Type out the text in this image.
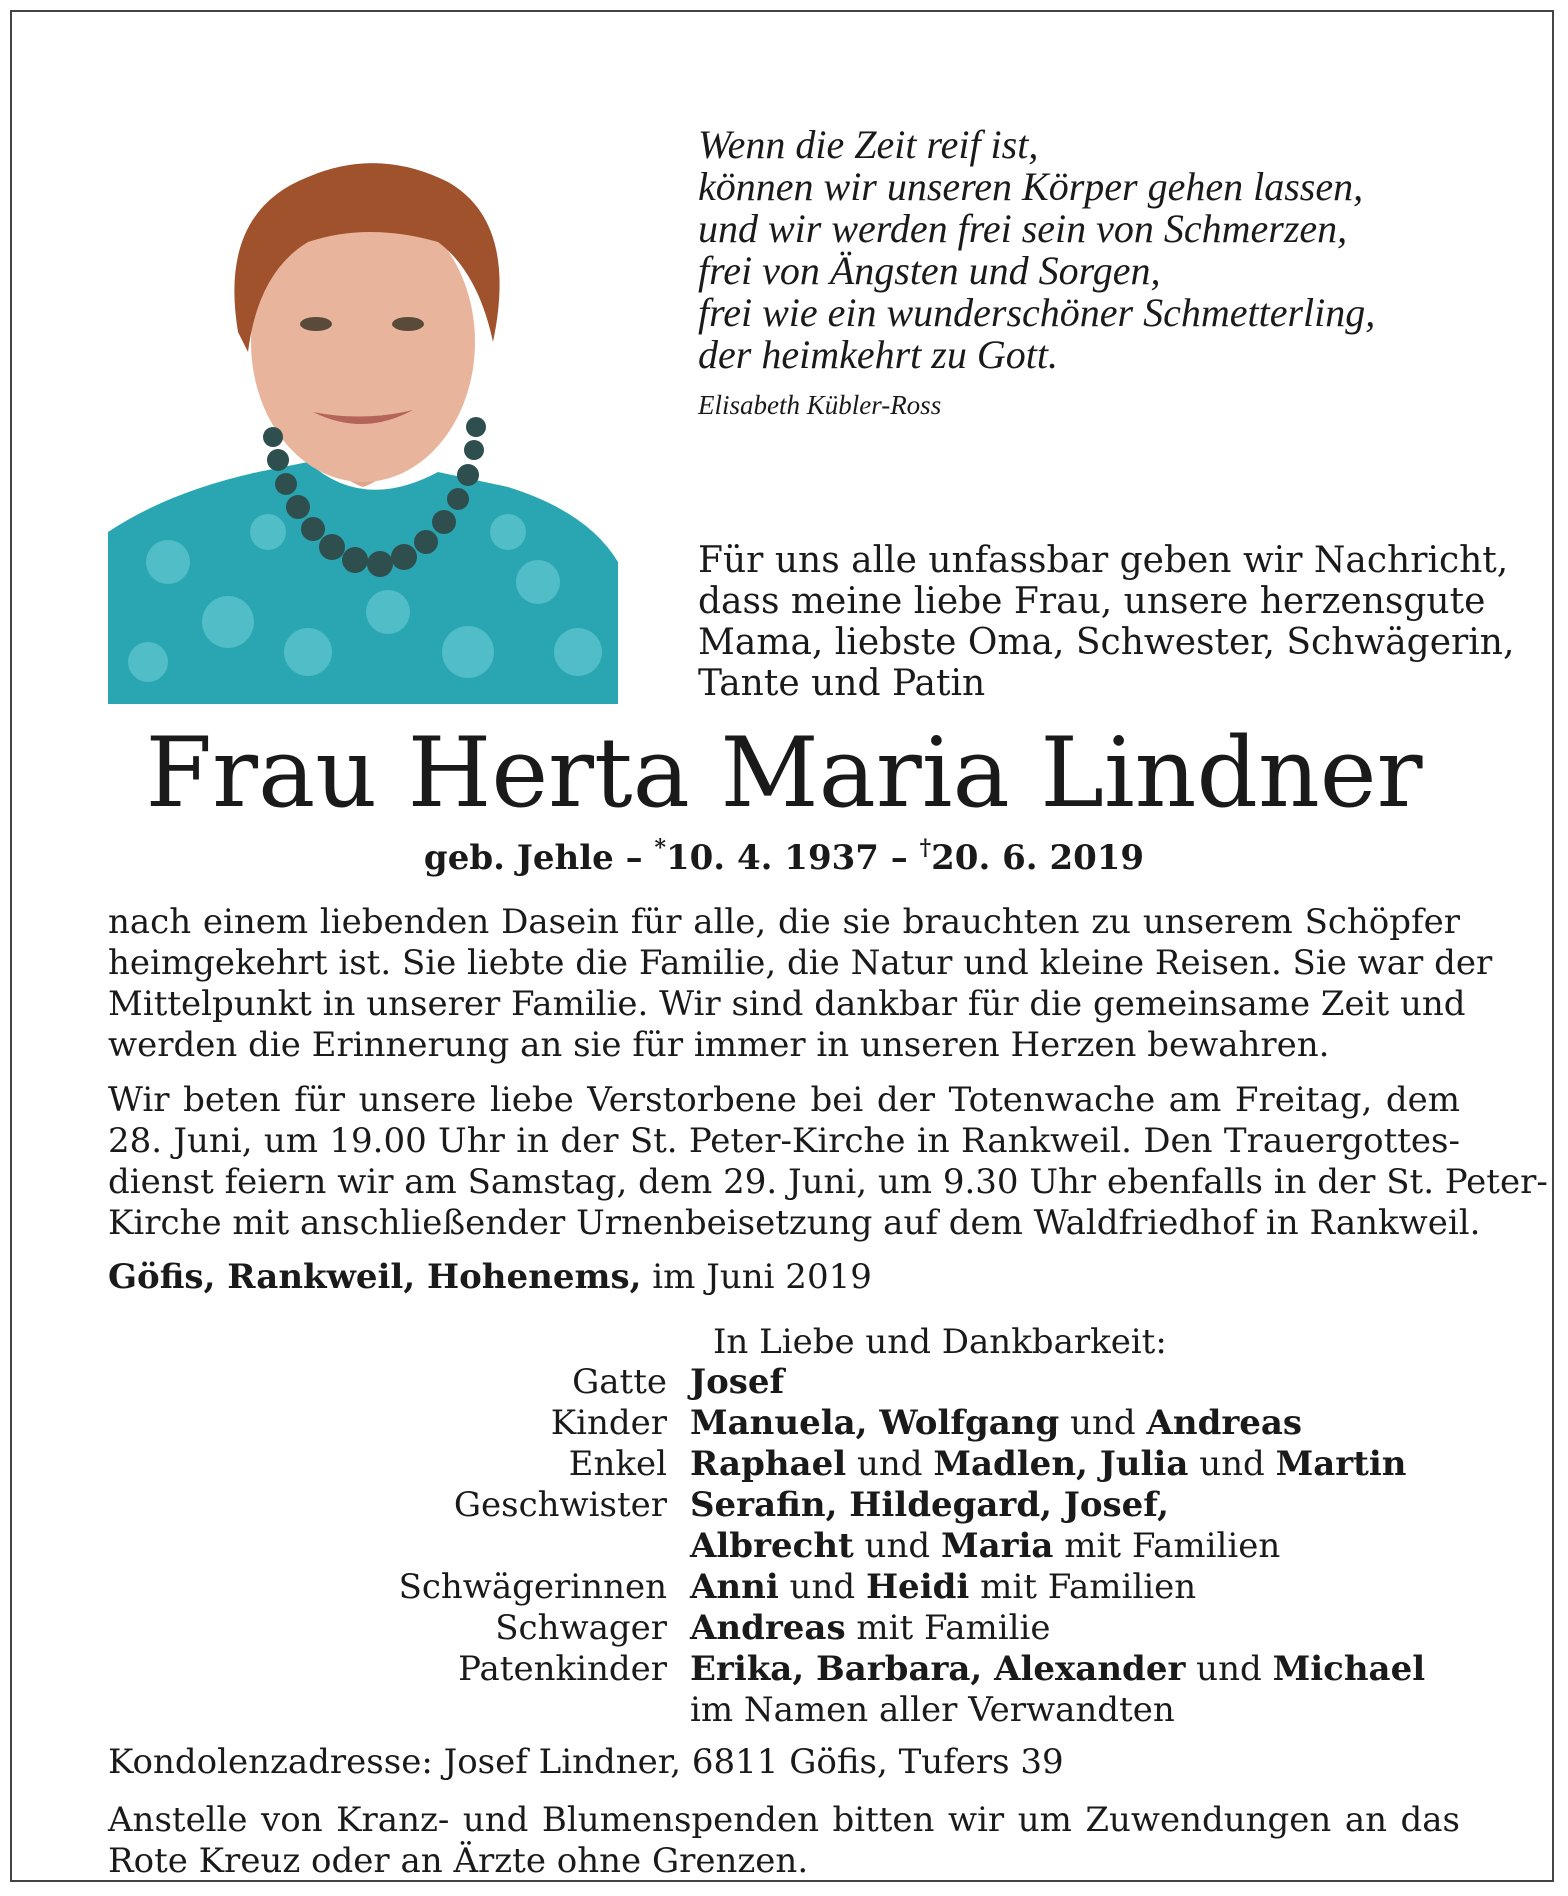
Wenn die Zeit reif ist,
können wir unseren Körper gehen lassen,
und wir werden frei sein von Schmerzen,
frei von Ängsten und Sorgen,
frei wie ein wunderschöner Schmetterling,
der heimkehrt zu Gott.
Elisabeth Kübler-Ross
Für uns alle unfassbar geben wir Nachricht,
dass meine liebe Frau, unsere herzensgute
Mama, liebste Oma, Schwester, Schwägerin,
Tante und Patin
Frau Herta Maria Lindner
geb. Jehle – *10. 4. 1937 – †20. 6. 2019
nach einem liebenden Dasein für alle, die sie brauchten zu unserem Schöpfer
heimgekehrt ist. Sie liebte die Familie, die Natur und kleine Reisen. Sie war der
Mittelpunkt in unserer Familie. Wir sind dankbar für die gemeinsame Zeit und
werden die Erinnerung an sie für immer in unseren Herzen bewahren.
Wir beten für unsere liebe Verstorbene bei der Totenwache am Freitag, dem
28. Juni, um 19.00 Uhr in der St. Peter-Kirche in Rankweil. Den Trauergottes-
dienst feiern wir am Samstag, dem 29. Juni, um 9.30 Uhr ebenfalls in der St. Peter-
Kirche mit anschließender Urnenbeisetzung auf dem Waldfriedhof in Rankweil.
Göfis, Rankweil, Hohenems, im Juni 2019
In Liebe und Dankbarkeit:
Gatte Josef
Kinder Manuela, Wolfgang und Andreas
Enkel Raphael und Madlen, Julia und Martin
Geschwister Serafin, Hildegard, Josef,
Albrecht und Maria mit Familien
Schwägerinnen Anni und Heidi mit Familien
Schwager Andreas mit Familie
Patenkinder Erika, Barbara, Alexander und Michael
im Namen aller Verwandten
Kondolenzadresse: Josef Lindner, 6811 Göfis, Tufers 39
Anstelle von Kranz- und Blumenspenden bitten wir um Zuwendungen an das
Rote Kreuz oder an Ärzte ohne Grenzen.
